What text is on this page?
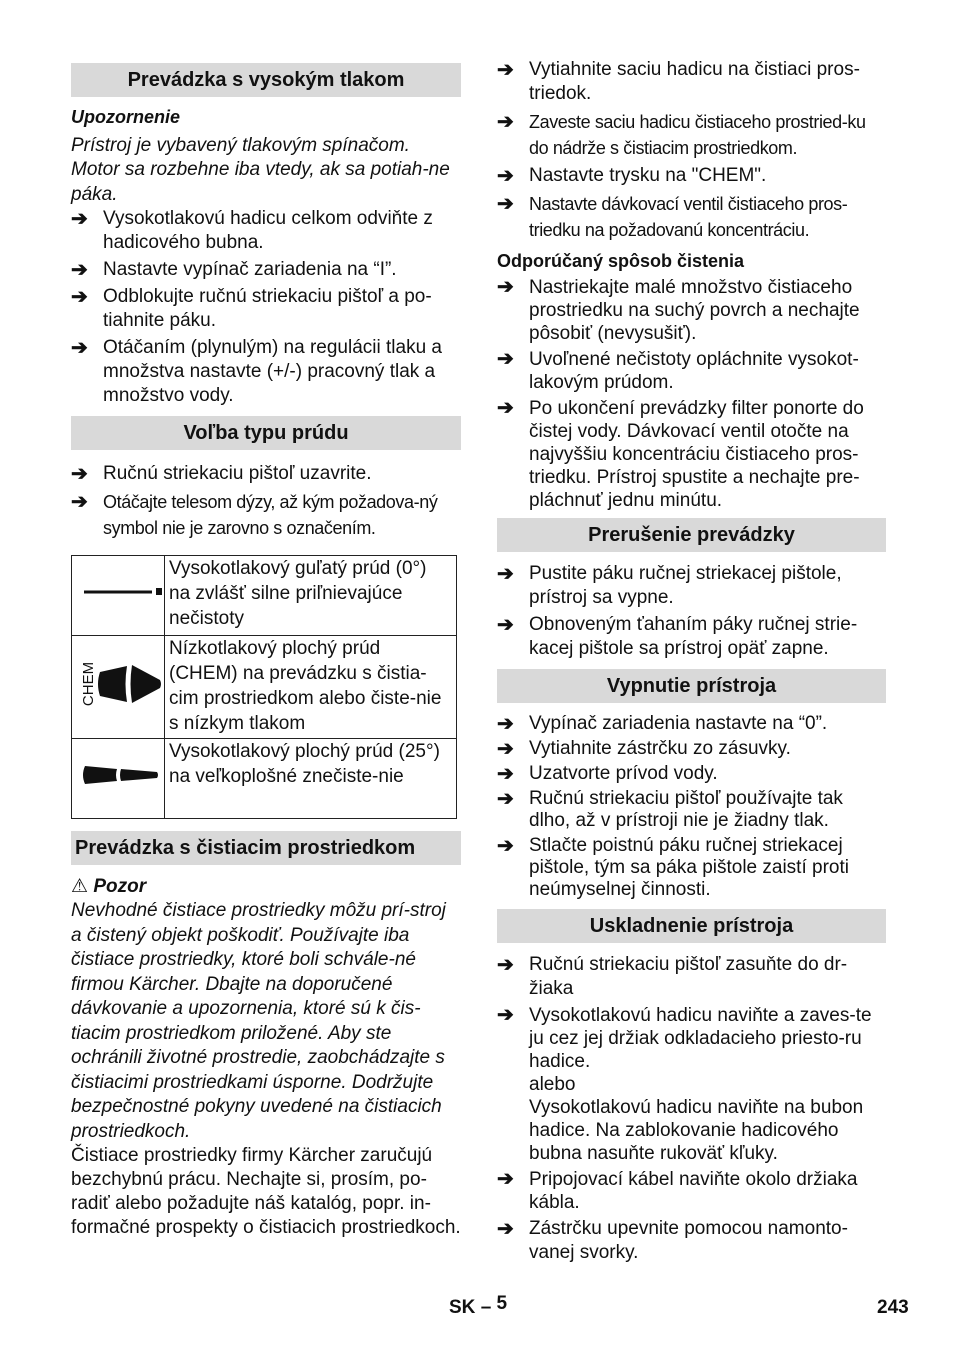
Prevádzka s vysokým tlakom
Upozornenie
Prístroj je vybavený tlakovým spínačom. Motor sa rozbehne iba vtedy, ak sa potiah-ne páka.
➔ Vysokotlakovú hadicu celkom odviňte z hadicového bubna.
➔ Nastavte vypínač zariadenia na “I”.
➔ Odblokujte ručnú striekaciu pištoľ a po-tiahnite páku.
➔ Otáčaním (plynulým) na regulácii tlaku a množstva nastavte (+/-) pracovný tlak a množstvo vody.
Voľba typu prúdu
➔ Ručnú striekaciu pištoľ uzavrite.
➔ Otáčajte telesom dýzy, až kým požadova-ný symbol nie je zarovno s označením.
	Vysokotlakový guľatý prúd (0°) na zvlášť silne priľnievajúce nečistoty

CHEM	Nízkotlakový plochý prúd (CHEM) na prevádzku s čistia-cim prostriedkom alebo čiste-nie s nízkym tlakom
	Vysokotlakový plochý prúd (25°) na veľkoplošné znečiste-nie
Prevádzka s čistiacim prostriedkom
⚠ Pozor
Nevhodné čistiace prostriedky môžu prí-stroj a čistený objekt poškodiť. Používajte iba čistiace prostriedky, ktoré boli schvále-né firmou Kärcher. Dbajte na doporučené dávkovanie a upozornenia, ktoré sú k čis-tiacim prostriedkom priložené. Aby ste ochránili životné prostredie, zaobchádzajte s čistiacimi prostriedkami úsporne. Dodržujte bezpečnostné pokyny uvedené na čistiacich prostriedkoch.
Čistiace prostriedky firmy Kärcher zaručujú bezchybnú prácu. Nechajte si, prosím, po-radiť alebo požadujte náš katalóg, popr. in-formačné prospekty o čistiacich prostriedkoch.
➔ Vytiahnite saciu hadicu na čistiaci pros-triedok.
➔ Zaveste saciu hadicu čistiaceho prostried-ku do nádrže s čistiacim prostriedkom.
➔ Nastavte trysku na "CHEM".
➔ Nastavte dávkovací ventil čistiaceho pros-triedku na požadovanú koncentráciu.
Odporúčaný spôsob čistenia
➔ Nastriekajte malé množstvo čistiaceho prostriedku na suchý povrch a nechajte pôsobiť (nevysušiť).
➔ Uvoľnené nečistoty opláchnite vysokot-lakovým prúdom.
➔ Po ukončení prevádzky filter ponorte do čistej vody. Dávkovací ventil otočte na najvyššiu koncentráciu čistiaceho pros-triedku. Prístroj spustite a nechajte pre-pláchnuť jednu minútu.
Prerušenie prevádzky
➔ Pustite páku ručnej striekacej pištole, prístroj sa vypne.
➔ Obnoveným ťahaním páky ručnej strie-kacej pištole sa prístroj opäť zapne.
Vypnutie prístroja
➔ Vypínač zariadenia nastavte na “0”.
➔ Vytiahnite zástrčku zo zásuvky.
➔ Uzatvorte prívod vody.
➔ Ručnú striekaciu pištoľ používajte tak dlho, až v prístroji nie je žiadny tlak.
➔ Stlačte poistnú páku ručnej striekacej pištole, tým sa páka pištole zaistí proti neúmyselnej činnosti.
Uskladnenie prístroja
➔ Ručnú striekaciu pištoľ zasuňte do dr-žiaka
➔ Vysokotlakovú hadicu naviňte a zaves-te ju cez jej držiak odkladacieho priesto-ru hadice.
alebo
Vysokotlakovú hadicu naviňte na bubon hadice. Na zablokovanie hadicového bubna nasuňte rukoväť kľuky.
➔ Pripojovací kábel naviňte okolo držiaka kábla.
➔ Zástrčku upevnite pomocou namonto-vanej svorky.
SK – 5	243
